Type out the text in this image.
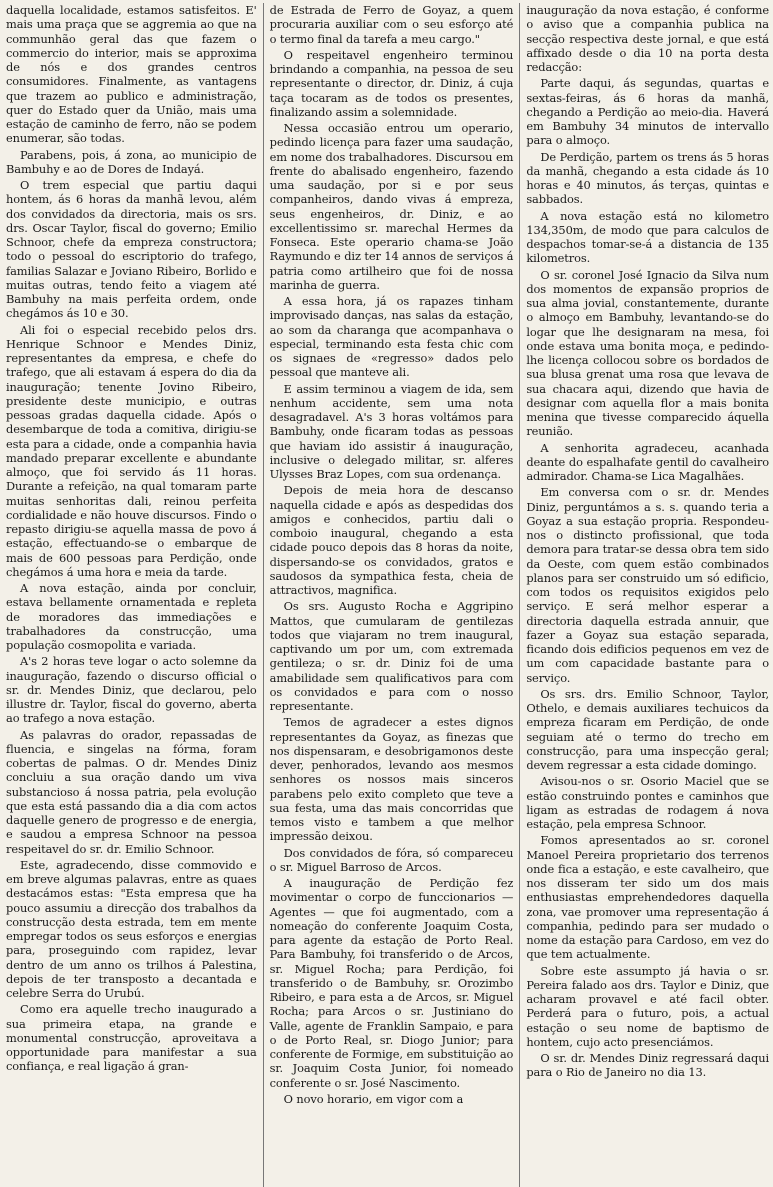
daquella localidade, estamos satisfeitos. E' mais uma praça que se aggremia ao que na communhão geral das que fazem o commercio do interior, mais se approxima de nós e dos grandes centros consumidores. Finalmente, as vantagens que trazem ao publico e administração, quer do Estado quer da União, mais uma estação de caminho de ferro, não se podem enumerar, são todas.

Parabens, pois, á zona, ao municipio de Bambuhy e ao de Dores de Indayá.

O trem especial que partiu daqui hontem, ás 6 horas da manhã levou, além dos convidados da directoria, mais os srs. drs. Oscar Taylor, fiscal do governo; Emilio Schnoor, chefe da empreza constructora; todo o pessoal do escriptorio do trafego, familias Salazar e Joviano Ribeiro, Borlido e muitas outras, tendo feito a viagem até Bambuhy na mais perfeita ordem, onde chegámos ás 10 e 30.

Ali foi o especial recebido pelos drs. Henrique Schnoor e Mendes Diniz, representantes da empresa, e chefe do trafego, que ali estavam á espera do dia da inauguração; tenente Jovino Ribeiro, presidente deste municipio, e outras pessoas gradas daquella cidade. Após o desembarque de toda a comitiva, dirigiu-se esta para a cidade, onde a companhia havia mandado preparar excellente e abundante almoço, que foi servido ás 11 horas. Durante a refeição, na qual tomaram parte muitas senhoritas dali, reinou perfeita cordialidade e não houve discursos. Findo o repasto dirigiu-se aquella massa de povo á estação, effectuando-se o embarque de mais de 600 pessoas para Perdição, onde chegámos á uma hora e meia da tarde.

A nova estação, ainda por concluir, estava bellamente ornamentada e repleta de moradores das immediações e trabalhadores da construcção, uma população cosmopolita e variada.

A's 2 horas teve logar o acto solemne da inauguração, fazendo o discurso official o sr. dr. Mendes Diniz, que declarou, pelo illustre dr. Taylor, fiscal do governo, aberta ao trafego a nova estação.

As palavras do orador, repassadas de fluencia, e singelas na fórma, foram cobertas de palmas. O dr. Mendes Diniz concluiu a sua oração dando um viva substancioso á nossa patria, pela evolução que esta está passando dia a dia com actos daquelle genero de progresso e de energia, e saudou a empresa Schnoor na pessoa respeitavel do sr. dr. Emilio Schnoor.

Este, agradecendo, disse commovido e em breve algumas palavras, entre as quaes destacámos estas: "Esta empresa que ha pouco assumiu a direcção dos trabalhos da construcção desta estrada, tem em mente empregar todos os seus esforços e energias para, proseguindo com rapidez, levar dentro de um anno os trilhos á Palestina, depois de ter transposto a decantada e celebre Serra do Urubú.

Como era aquelle trecho inaugurado a sua primeira etapa, na grande e monumental construcção, aproveitava a opportunidade para manifestar a sua confiança, e real ligação á gran-

de Estrada de Ferro de Goyaz, a quem procuraria auxiliar com o seu esforço até o termo final da tarefa a meu cargo."

O respeitavel engenheiro terminou brindando a companhia, na pessoa de seu representante o director, dr. Diniz, á cuja taça tocaram as de todos os presentes, finalizando assim a solemnidade.

Nessa occasião entrou um operario, pedindo licença para fazer uma saudação, em nome dos trabalhadores. Discursou em frente do abalisado engenheiro, fazendo uma saudação, por si e por seus companheiros, dando vivas á empreza, seus engenheiros, dr. Diniz, e ao excellentissimo sr. marechal Hermes da Fonseca. Este operario chama-se João Raymundo e diz ter 14 annos de serviços á patria como artilheiro que foi de nossa marinha de guerra.

A essa hora, já os rapazes tinham improvisado danças, nas salas da estação, ao som da charanga que acompanhava o especial, terminando esta festa chic com os signaes de «regresso» dados pelo pessoal que manteve ali.

E assim terminou a viagem de ida, sem nenhum accidente, sem uma nota desagradavel. A's 3 horas voltámos para Bambuhy, onde ficaram todas as pessoas que haviam ido assistir á inauguração, inclusive o delegado militar, sr. alferes Ulysses Braz Lopes, com sua ordenança.

Depois de meia hora de descanso naquella cidade e após as despedidas dos amigos e conhecidos, partiu dali o comboio inaugural, chegando a esta cidade pouco depois das 8 horas da noite, dispersando-se os convidados, gratos e saudosos da sympathica festa, cheia de attractivos, magnifica.

Os srs. Augusto Rocha e Aggripino Mattos, que cumularam de gentilezas todos que viajaram no trem inaugural, captivando um por um, com extremada gentileza; o sr. dr. Diniz foi de uma amabilidade sem qualificativos para com os convidados e para com o nosso representante.

Temos de agradecer a estes dignos representantes da Goyaz, as finezas que nos dispensaram, e desobrigamonos deste dever, penhorados, levando aos mesmos senhores os nossos mais sinceros parabens pelo exito completo que teve a sua festa, uma das mais concorridas que temos visto e tambem a que melhor impressão deixou.

Dos convidados de fóra, só compareceu o sr. Miguel Barroso de Arcos.

A inauguração de Perdição fez movimentar o corpo de funccionarios — Agentes — que foi augmentado, com a nomeação do conferente Joaquim Costa, para agente da estação de Porto Real. Para Bambuhy, foi transferido o de Arcos, sr. Miguel Rocha; para Perdição, foi transferido o de Bambuhy, sr. Orozimbo Ribeiro, e para esta a de Arcos, sr. Miguel Rocha; para Arcos o sr. Justiniano do Valle, agente de Franklin Sampaio, e para o de Porto Real, sr. Diogo Junior; para conferente de Formige, em substituição ao sr. Joaquim Costa Junior, foi nomeado conferente o sr. José Nascimento.

O novo horario, em vigor com a

inauguração da nova estação, é conforme o aviso que a companhia publica na secção respectiva deste jornal, e que está affixado desde o dia 10 na porta desta redacção:

Parte daqui, ás segundas, quartas e sextas-feiras, ás 6 horas da manhã, chegando a Perdição ao meio-dia. Haverá em Bambuhy 34 minutos de intervallo para o almoço.

De Perdição, partem os trens ás 5 horas da manhã, chegando a esta cidade ás 10 horas e 40 minutos, ás terças, quintas e sabbados.

A nova estação está no kilometro 134,350m, de modo que para calculos de despachos tomar-se-á a distancia de 135 kilometros.

O sr. coronel José Ignacio da Silva num dos momentos de expansão proprios de sua alma jovial, constantemente, durante o almoço em Bambuhy, levantando-se do logar que lhe designaram na mesa, foi onde estava uma bonita moça, e pedindo-lhe licença collocou sobre os bordados de sua blusa grenat uma rosa que levava de sua chacara aqui, dizendo que havia de designar com aquella flor a mais bonita menina que tivesse comparecido áquella reunião.

A senhorita agradeceu, acanhada deante do espalhafate gentil do cavalheiro admirador. Chama-se Lica Magalhães.

Em conversa com o sr. dr. Mendes Diniz, perguntámos a s. s. quando teria a Goyaz a sua estação propria. Respondeu-nos o distincto profissional, que toda demora para tratar-se dessa obra tem sido da Oeste, com quem estão combinados planos para ser construido um só edificio, com todos os requisitos exigidos pelo serviço. E será melhor esperar a directoria daquella estrada annuir, que fazer a Goyaz sua estação separada, ficando dois edificios pequenos em vez de um com capacidade bastante para o serviço.

Os srs. drs. Emilio Schnoor, Taylor, Othelo, e demais auxiliares techuicos da empreza ficaram em Perdição, de onde seguiam até o termo do trecho em construcção, para uma inspecção geral; devem regressar a esta cidade domingo.

Avisou-nos o sr. Osorio Maciel que se estão construindo pontes e caminhos que ligam as estradas de rodagem á nova estação, pela empresa Schnoor.

Fomos apresentados ao sr. coronel Manoel Pereira proprietario dos terrenos onde fica a estação, e este cavalheiro, que nos disseram ter sido um dos mais enthusiastas emprehendedores daquella zona, vae promover uma representação á companhia, pedindo para ser mudado o nome da estação para Cardoso, em vez do que tem actualmente.

Sobre este assumpto já havia o sr. Pereira falado aos drs. Taylor e Diniz, que acharam provavel e até facil obter. Perderá para o futuro, pois, a actual estação o seu nome de baptismo de hontem, cujo acto presenciámos.

O sr. dr. Mendes Diniz regressará daqui para o Rio de Janeiro no dia 13.
